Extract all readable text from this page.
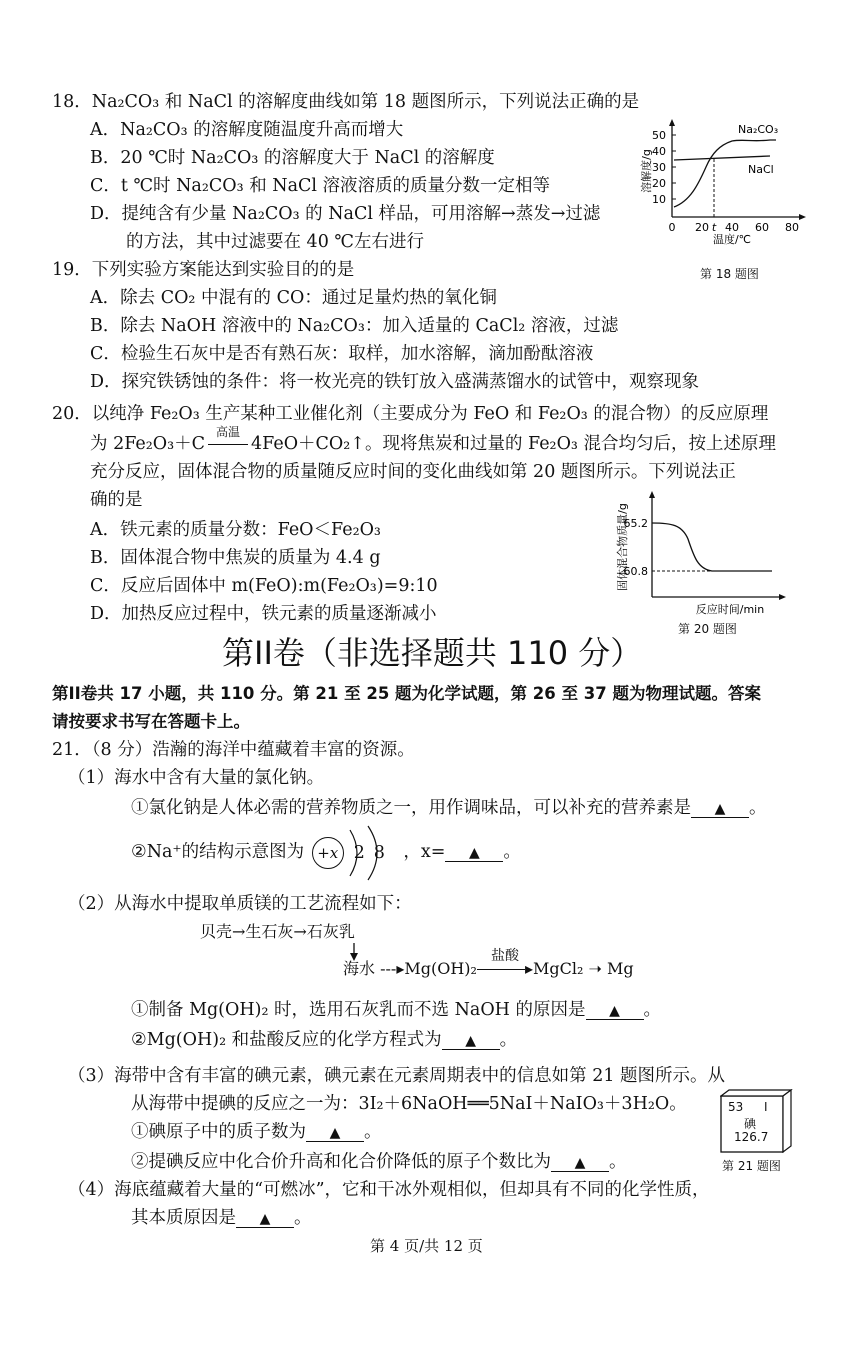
18．Na₂CO₃ 和 NaCl 的溶解度曲线如第 18 题图所示，下列说法正确的是
A．Na₂CO₃ 的溶解度随温度升高而增大
B．20 ℃时 Na₂CO₃ 的溶解度大于 NaCl 的溶解度
C．t ℃时 Na₂CO₃ 和 NaCl 溶液溶质的质量分数一定相等
D．提纯含有少量 Na₂CO₃ 的 NaCl 样品，可用溶解→蒸发→过滤
的方法，其中过滤要在 40 ℃左右进行
50
40
30
20
10
0 20 t 40 60 80
温度/℃
溶解度/g
Na₂CO₃
NaCl
第 18 题图
19．下列实验方案能达到实验目的的是
A．除去 CO₂ 中混有的 CO：通过足量灼热的氧化铜
B．除去 NaOH 溶液中的 Na₂CO₃：加入适量的 CaCl₂ 溶液，过滤
C．检验生石灰中是否有熟石灰：取样，加水溶解，滴加酚酞溶液
D．探究铁锈蚀的条件：将一枚光亮的铁钉放入盛满蒸馏水的试管中，观察现象
20．以纯净 Fe₂O₃ 生产某种工业催化剂（主要成分为 FeO 和 Fe₂O₃ 的混合物）的反应原理
为 2Fe₂O₃＋C
高温
4FeO＋CO₂↑。现将焦炭和过量的 Fe₂O₃ 混合均匀后，按上述原理
充分反应，固体混合物的质量随反应时间的变化曲线如第 20 题图所示。下列说法正
确的是
A．铁元素的质量分数：FeO＜Fe₂O₃
B．固体混合物中焦炭的质量为 4.4 g
C．反应后固体中 m(FeO):m(Fe₂O₃)=9:10
D．加热反应过程中，铁元素的质量逐渐减小
固体混合物质量/g
65.2
60.8
反应时间/min
第 20 题图
第II卷（非选择题共 110 分）
第II卷共 17 小题，共 110 分。第 21 至 25 题为化学试题，第 26 至 37 题为物理试题。答案
请按要求书写在答题卡上。
21．（8 分）浩瀚的海洋中蕴藏着丰富的资源。
（1）海水中含有大量的氯化钠。
①氯化钠是人体必需的营养物质之一，用作调味品，可以补充的营养素是 ▲ 。
②Na⁺的结构示意图为 +x 2 8 ，x= ▲ 。
（2）从海水中提取单质镁的工艺流程如下：
贝壳→生石灰→石灰乳
海水 ---▸Mg(OH)₂
盐酸
▸MgCl₂ ➝ Mg
①制备 Mg(OH)₂ 时，选用石灰乳而不选 NaOH 的原因是 ▲ 。
②Mg(OH)₂ 和盐酸反应的化学方程式为 ▲ 。
（3）海带中含有丰富的碘元素，碘元素在元素周期表中的信息如第 21 题图所示。从
从海带中提碘的反应之一为：3I₂＋6NaOH══5NaI＋NaIO₃＋3H₂O。
①碘原子中的质子数为 ▲ 。
②提碘反应中化合价升高和化合价降低的原子个数比为 ▲ 。
53 I
碘
126.7
第 21 题图
（4）海底蕴藏着大量的“可燃冰”，它和干冰外观相似，但却具有不同的化学性质，
其本质原因是 ▲ 。
第 4 页/共 12 页
